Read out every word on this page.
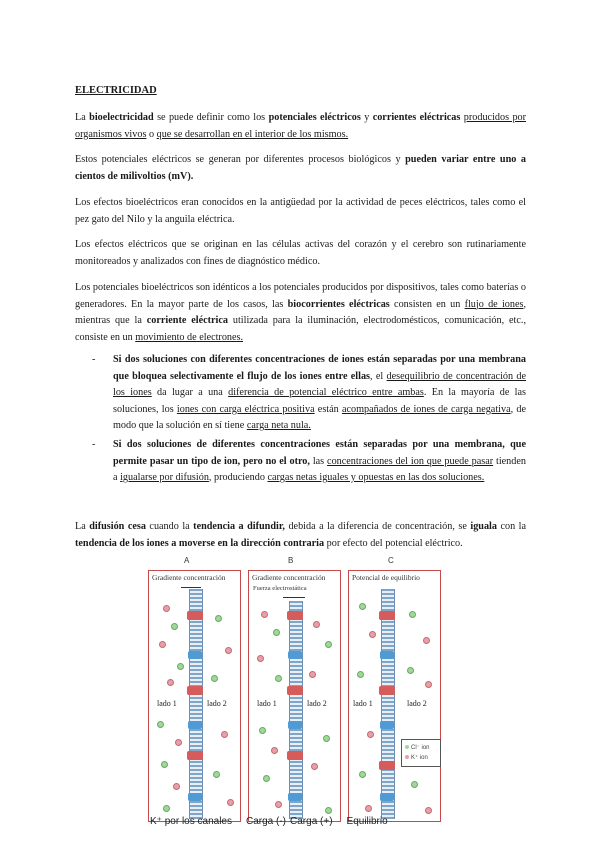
ELECTRICIDAD

La bioelectricidad se puede definir como los potenciales eléctricos y corrientes eléctricas producidos por organismos vivos o que se desarrollan en el interior de los mismos.

Estos potenciales eléctricos se generan por diferentes procesos biológicos y pueden variar entre uno a cientos de milivoltios (mV).

Los efectos bioeléctricos eran conocidos en la antigüedad por la actividad de peces eléctricos, tales como el pez gato del Nilo y la anguila eléctrica.

Los efectos eléctricos que se originan en las células activas del corazón y el cerebro son rutinariamente monitoreados y analizados con fines de diagnóstico médico.

Los potenciales bioeléctricos son idénticos a los potenciales producidos por dispositivos, tales como baterías o generadores. En la mayor parte de los casos, las biocorrientes eléctricas consisten en un flujo de iones, mientras que la corriente eléctrica utilizada para la iluminación, electrodomésticos, comunicación, etc., consiste en un movimiento de electrones.

- Si dos soluciones con diferentes concentraciones de iones están separadas por una membrana que bloquea selectivamente el flujo de los iones entre ellas, el desequilibrio de concentración de los iones da lugar a una diferencia de potencial eléctrico entre ambas. En la mayoría de las soluciones, los iones con carga eléctrica positiva están acompañados de iones de carga negativa, de modo que la solución en sí tiene carga neta nula.
- Si dos soluciones de diferentes concentraciones están separadas por una membrana, que permite pasar un tipo de ion, pero no el otro, las concentraciones del ion que puede pasar tienden a igualarse por difusión, produciendo cargas netas iguales y opuestas en las dos soluciones.

La difusión cesa cuando la tendencia a difundir, debida a la diferencia de concentración, se iguala con la tendencia de los iones a moverse en la dirección contraria por efecto del potencial eléctrico.

A
Gradiente concentración
lado 1	lado 2
B
Gradiente concentración
Fuerza electrostática
lado 1	lado 2
C
Potencial de equilibrio
lado 1	lado 2
Cl⁻ ion
K⁺ ion
K⁺ por los canales Carga (-) Carga (+) Equilibrio
